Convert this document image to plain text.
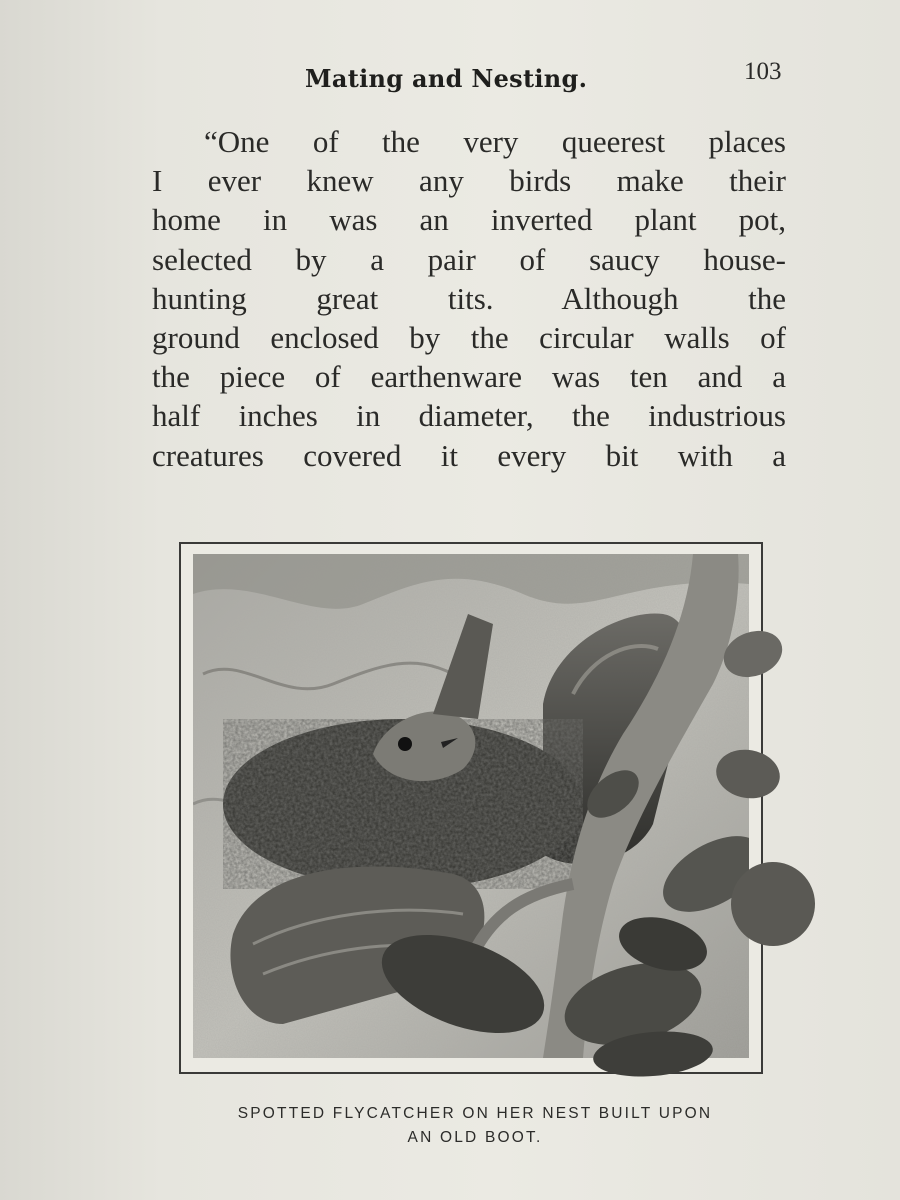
Mating and Nesting.	103
“One of the very queerest places
I ever knew any birds make their
home in was an inverted plant pot,
selected by a pair of saucy house-
hunting great tits. Although the
ground enclosed by the circular walls of
the piece of earthenware was ten and a
half inches in diameter, the industrious
creatures covered it every bit with a
SPOTTED FLYCATCHER ON HER NEST BUILT UPON
AN OLD BOOT.
